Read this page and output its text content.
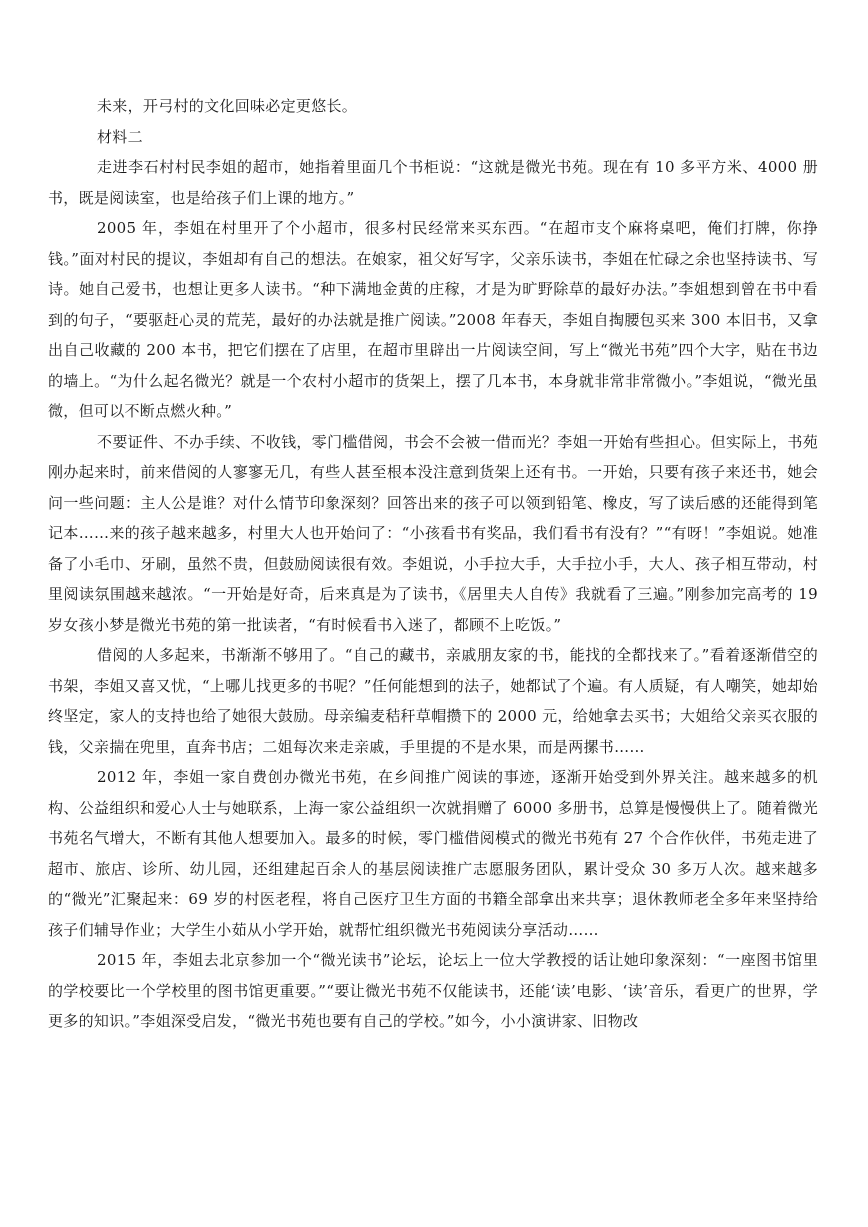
未来，开弓村的文化回味必定更悠长。

材料二

走进李石村村民李姐的超市，她指着里面几个书柜说：“这就是微光书苑。现在有 10 多平方米、4000 册书，既是阅读室，也是给孩子们上课的地方。”

2005 年，李姐在村里开了个小超市，很多村民经常来买东西。“在超市支个麻将桌吧，俺们打牌，你挣钱。”面对村民的提议，李姐却有自己的想法。在娘家，祖父好写字，父亲乐读书，李姐在忙碌之余也坚持读书、写诗。她自己爱书，也想让更多人读书。“种下满地金黄的庄稼，才是为旷野除草的最好办法。”李姐想到曾在书中看到的句子，“要驱赶心灵的荒芜，最好的办法就是推广阅读。”2008 年春天，李姐自掏腰包买来 300 本旧书，又拿出自己收藏的 200 本书，把它们摆在了店里，在超市里辟出一片阅读空间，写上“微光书苑”四个大字，贴在书边的墙上。“为什么起名微光？就是一个农村小超市的货架上，摆了几本书，本身就非常非常微小。”李姐说，“微光虽微，但可以不断点燃火种。”

不要证件、不办手续、不收钱，零门槛借阅，书会不会被一借而光？李姐一开始有些担心。但实际上，书苑刚办起来时，前来借阅的人寥寥无几，有些人甚至根本没注意到货架上还有书。一开始，只要有孩子来还书，她会问一些问题：主人公是谁？对什么情节印象深刻？回答出来的孩子可以领到铅笔、橡皮，写了读后感的还能得到笔记本……来的孩子越来越多，村里大人也开始问了：“小孩看书有奖品，我们看书有没有？”“有呀！”李姐说。她准备了小毛巾、牙刷，虽然不贵，但鼓励阅读很有效。李姐说，小手拉大手，大手拉小手，大人、孩子相互带动，村里阅读氛围越来越浓。“一开始是好奇，后来真是为了读书，《居里夫人自传》我就看了三遍。”刚参加完高考的 19 岁女孩小梦是微光书苑的第一批读者，“有时候看书入迷了，都顾不上吃饭。”

借阅的人多起来，书渐渐不够用了。“自己的藏书，亲戚朋友家的书，能找的全都找来了。”看着逐渐借空的书架，李姐又喜又忧，“上哪儿找更多的书呢？”任何能想到的法子，她都试了个遍。有人质疑，有人嘲笑，她却始终坚定，家人的支持也给了她很大鼓励。母亲编麦秸秆草帽攒下的 2000 元，给她拿去买书；大姐给父亲买衣服的钱，父亲揣在兜里，直奔书店；二姐每次来走亲戚，手里提的不是水果，而是两摞书……

2012 年，李姐一家自费创办微光书苑，在乡间推广阅读的事迹，逐渐开始受到外界关注。越来越多的机构、公益组织和爱心人士与她联系，上海一家公益组织一次就捐赠了 6000 多册书，总算是慢慢供上了。随着微光书苑名气增大，不断有其他人想要加入。最多的时候，零门槛借阅模式的微光书苑有 27 个合作伙伴，书苑走进了超市、旅店、诊所、幼儿园，还组建起百余人的基层阅读推广志愿服务团队，累计受众 30 多万人次。越来越多的“微光”汇聚起来：69 岁的村医老程，将自己医疗卫生方面的书籍全部拿出来共享；退休教师老全多年来坚持给孩子们辅导作业；大学生小茹从小学开始，就帮忙组织微光书苑阅读分享活动……

2015 年，李姐去北京参加一个“微光读书”论坛，论坛上一位大学教授的话让她印象深刻：“一座图书馆里的学校要比一个学校里的图书馆更重要。”“要让微光书苑不仅能读书，还能‘读’电影、‘读’音乐，看更广的世界，学更多的知识。”李姐深受启发，“微光书苑也要有自己的学校。”如今，小小演讲家、旧物改
